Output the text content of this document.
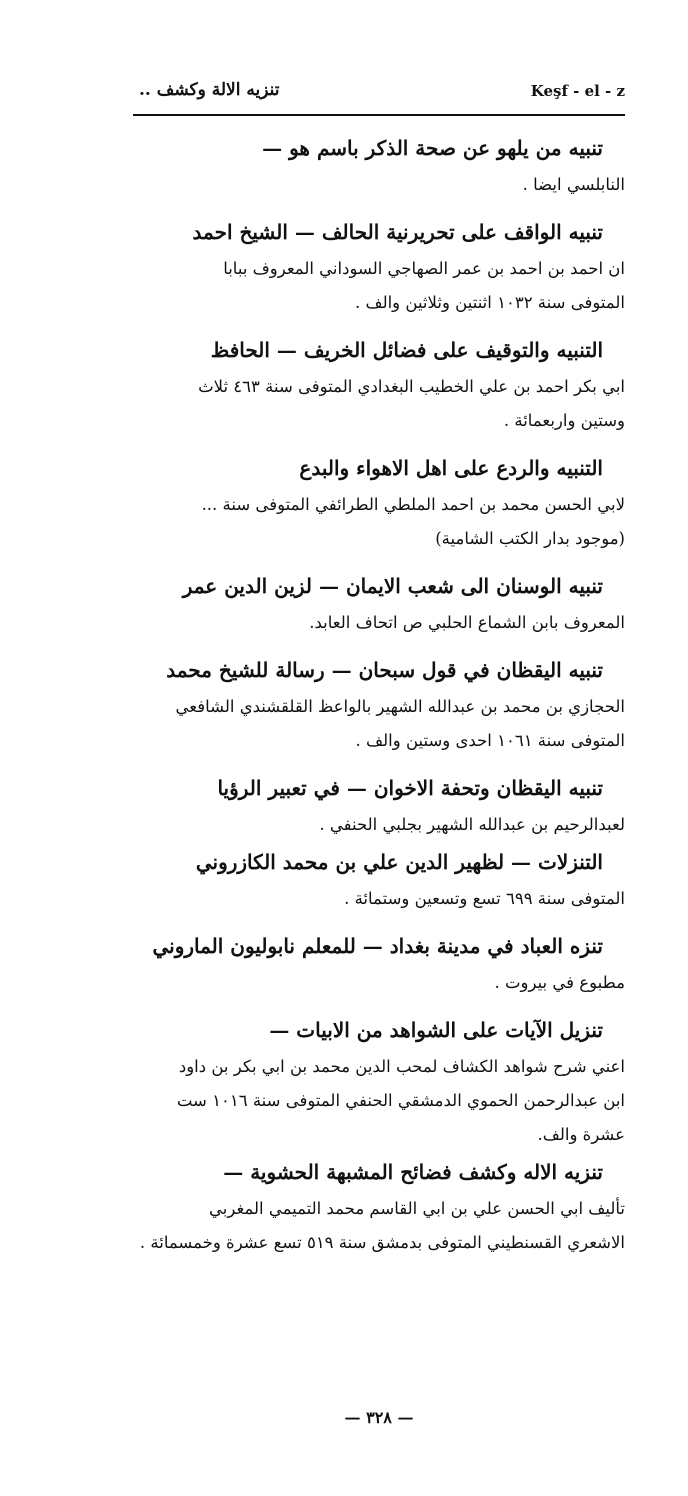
Keşf - el - z
تنزيه الالة وكشف ..

تنبيه من يلهو عن صحة الذكر باسم هو —

النابلسي ايضا .

تنبيه الواقف على تحريرنية الحالف — الشيخ احمد

ان احمد بن احمد بن عمر الصهاجي السوداني المعروف ببابا

المتوفى سنة ١٠٣٢ اثنتين وثلاثين والف .

التنبيه والتوقيف على فضائل الخريف — الحافظ

ابي بكر احمد بن علي الخطيب البغدادي المتوفى سنة ٤٦٣ ثلاث

وستين واربعمائة .

التنبيه والردع على اهل الاهواء والبدع

لابي الحسن محمد بن احمد الملطي الطرائفي المتوفى سنة ...

(موجود بدار الكتب الشامية)

تنبيه الوسنان الى شعب الايمان — لزين الدين عمر

المعروف بابن الشماع الحلبي ص اتحاف العابد.

تنبيه اليقظان في قول سبحان — رسالة للشيخ محمد

الحجازي بن محمد بن عبدالله الشهير بالواعظ القلقشندي الشافعي

المتوفى سنة ١٠٦١ احدى وستين والف .

تنبيه اليقظان وتحفة الاخوان — في تعبير الرؤيا

لعبدالرحيم بن عبدالله الشهير بجلبي الحنفي .

التنزلات — لظهير الدين علي بن محمد الكازروني

المتوفى سنة ٦٩٩ تسع وتسعين وستمائة .

تنزه العباد في مدينة بغداد — للمعلم نابوليون الماروني

مطبوع في بيروت .

تنزيل الآيات على الشواهد من الابيات —

اعني شرح شواهد الكشاف لمحب الدين محمد بن ابي بكر بن داود

ابن عبدالرحمن الحموي الدمشقي الحنفي المتوفى سنة ١٠١٦ ست

عشرة والف.

تنزيه الاله وكشف فضائح المشبهة الحشوية —

تأليف ابي الحسن علي بن ابي القاسم محمد التميمي المغربي

الاشعري القسنطيني المتوفى بدمشق سنة ٥١٩ تسع عشرة وخمسمائة .

— ٣٢٨ —
